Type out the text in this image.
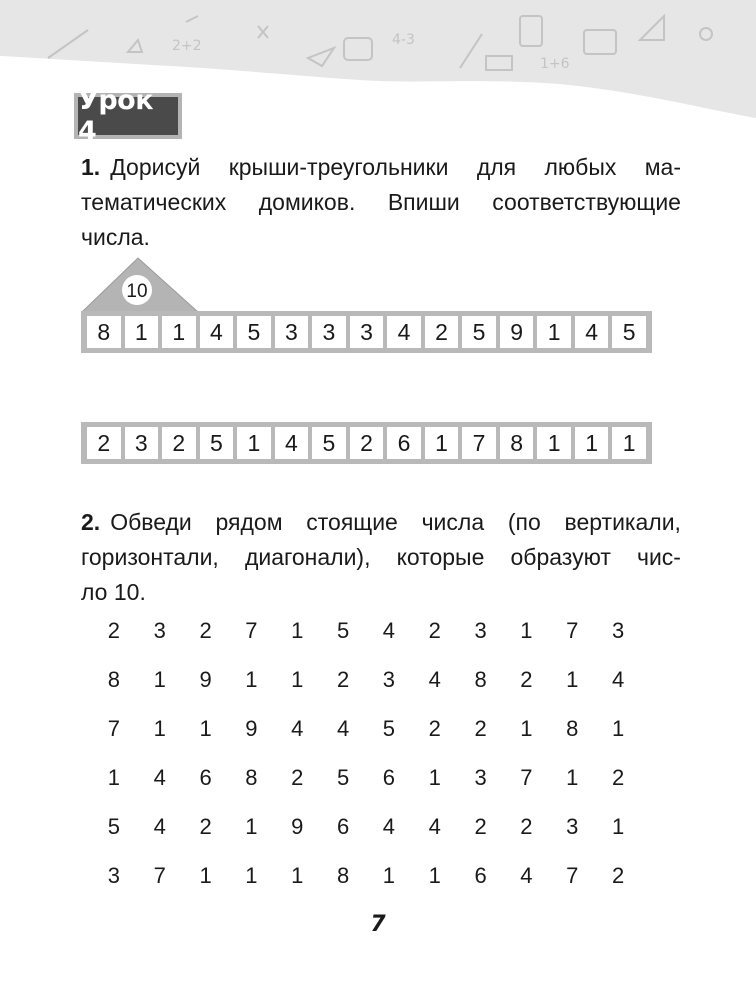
2+2	4-3
1+6
Урок 4
1. Дорисуй крыши-треугольники для любых ма-
тематических домиков. Впиши соответствующие
числа.
10
8	1	1	4	5	3	3	3	4	2	5	9	1	4	5
2	3	2	5	1	4	5	2	6	1	7	8	1	1	1
2. Обведи рядом стоящие числа (по вертикали,
горизонтали, диагонали), которые образуют чис-
ло 10.
2	3	2	7	1	5	4	2	3	1	7	3
8	1	9	1	1	2	3	4	8	2	1	4
7	1	1	9	4	4	5	2	2	1	8	1
1	4	6	8	2	5	6	1	3	7	1	2
5	4	2	1	9	6	4	4	2	2	3	1
3	7	1	1	1	8	1	1	6	4	7	2
7
